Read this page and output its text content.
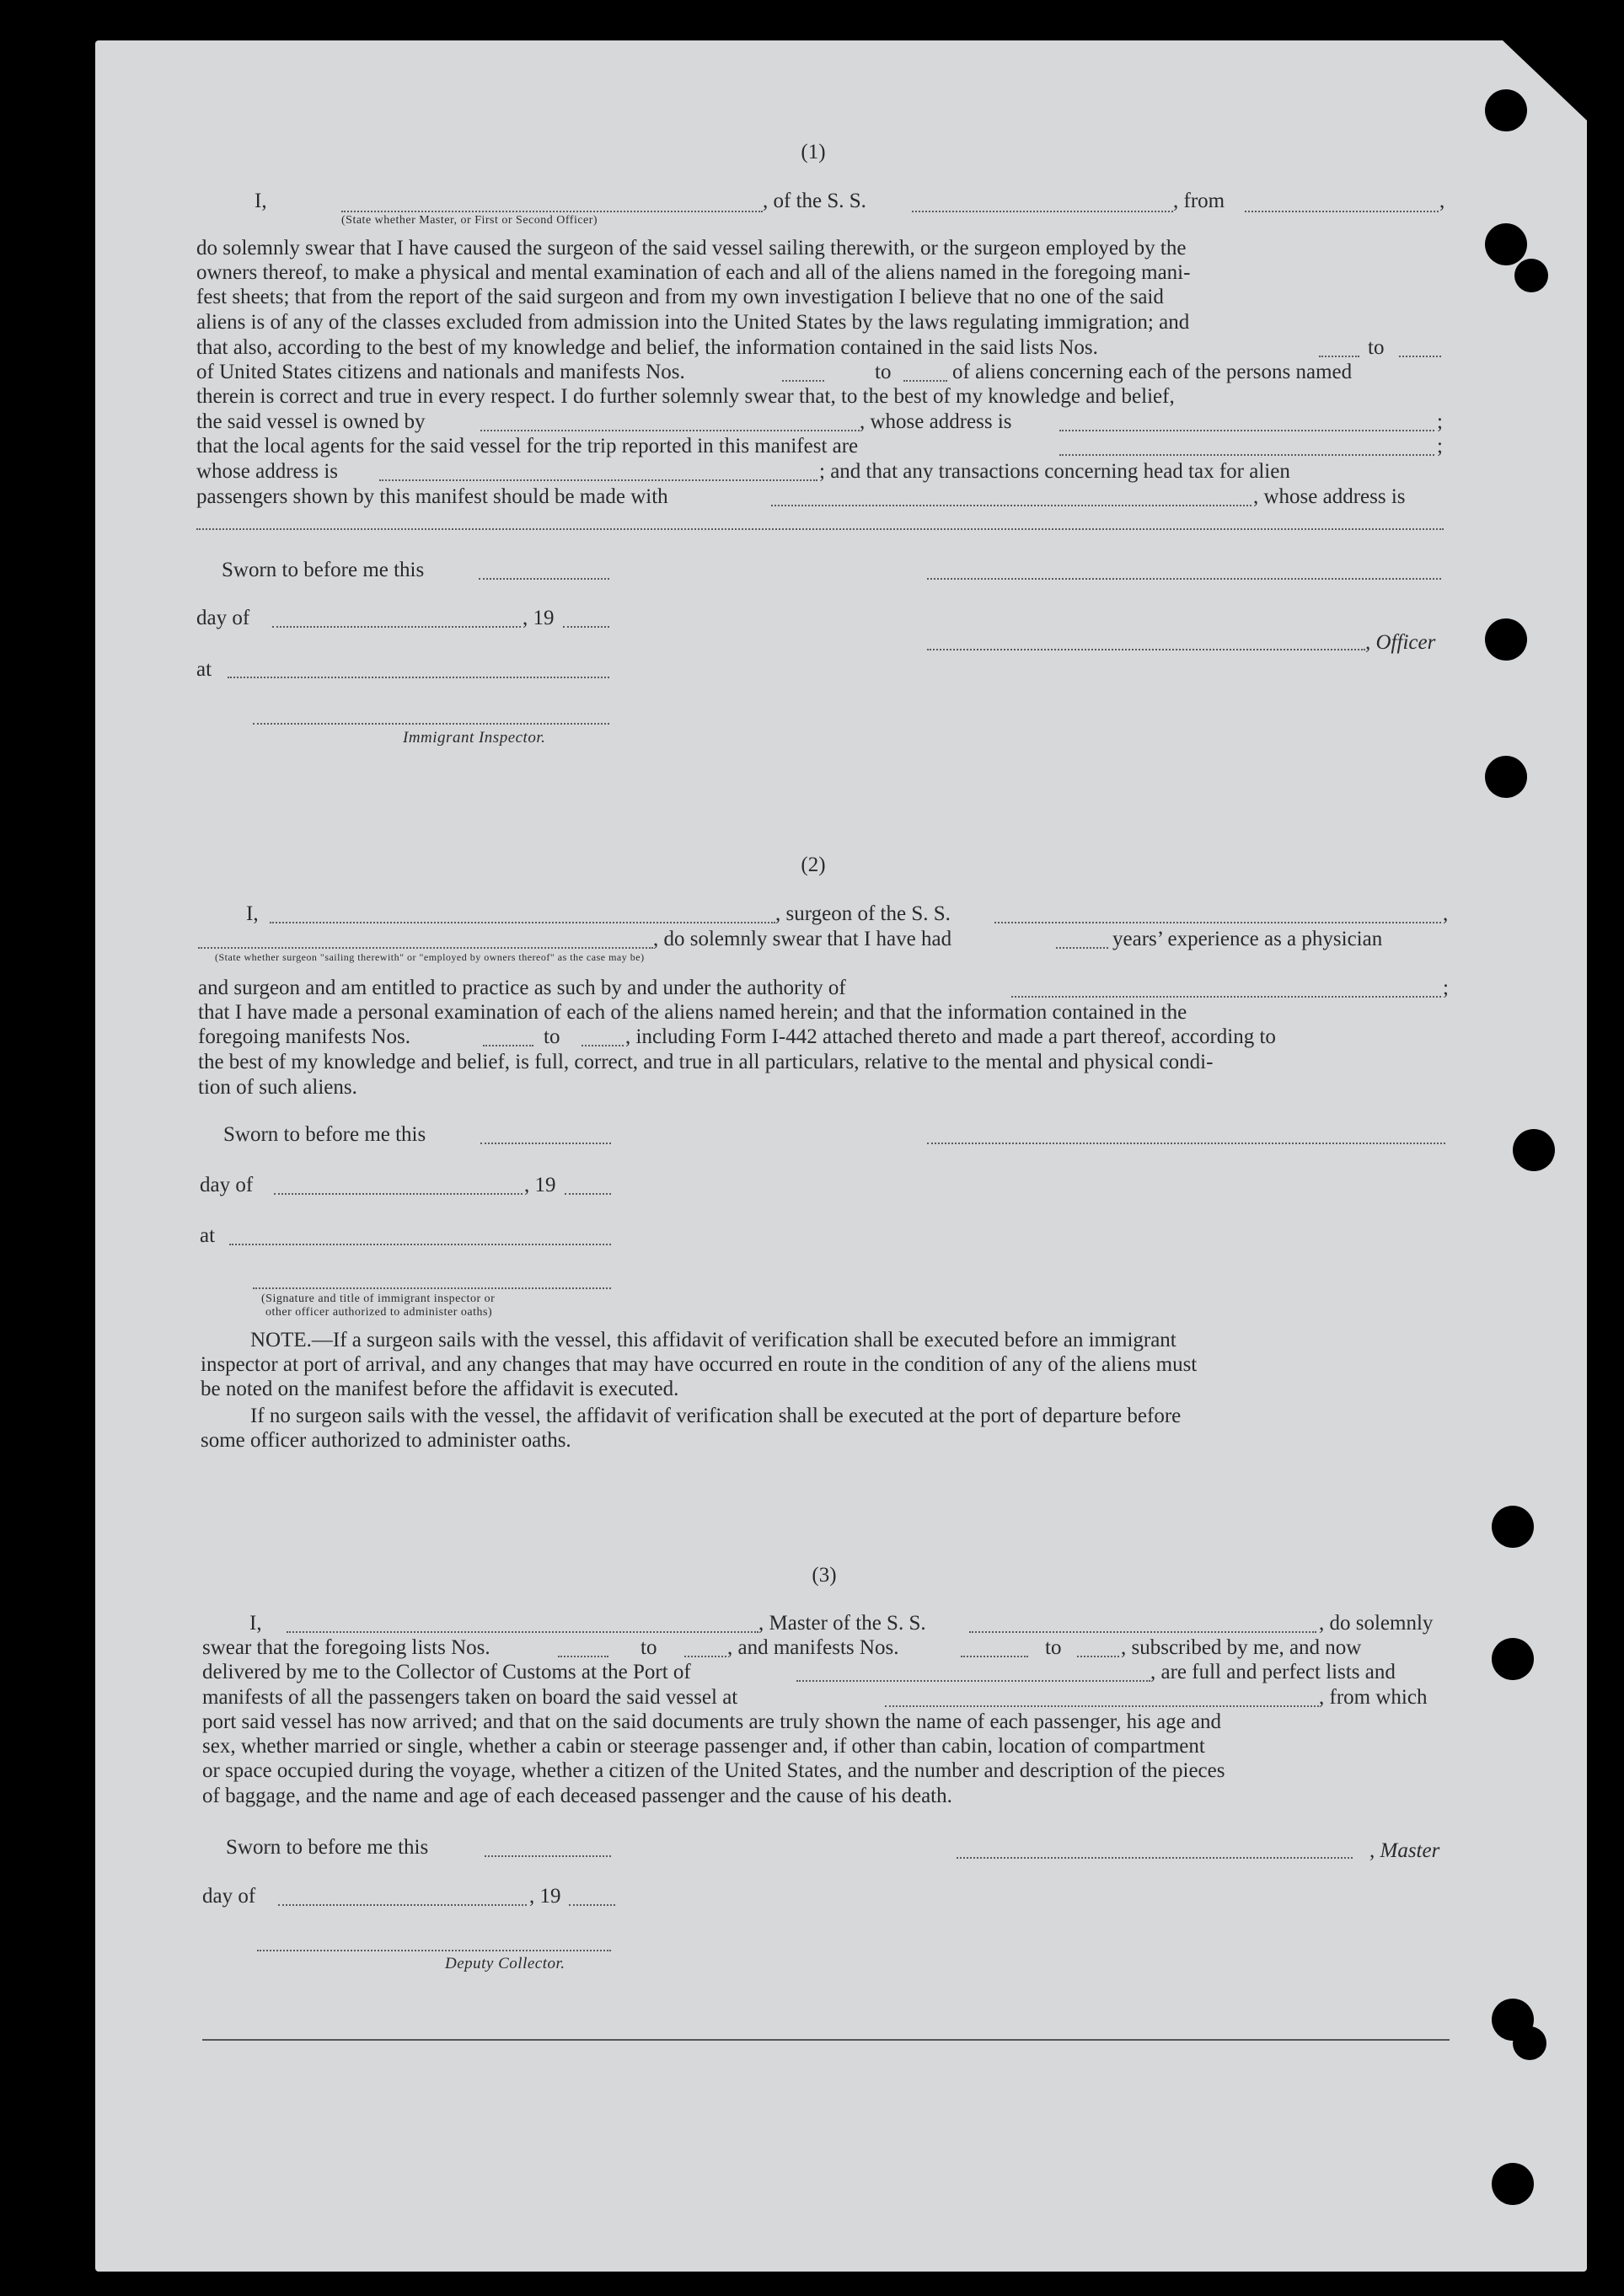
(1)
I,	, of the S. S.	, from	,
(State whether Master, or First or Second Officer)
do solemnly swear that I have caused the surgeon of the said vessel sailing therewith, or the surgeon employed by the
owners thereof, to make a physical and mental examination of each and all of the aliens named in the foregoing mani-
fest sheets; that from the report of the said surgeon and from my own investigation I believe that no one of the said
aliens is of any of the classes excluded from admission into the United States by the laws regulating immigration; and
that also, according to the best of my knowledge and belief, the information contained in the said lists Nos.	to
of United States citizens and nationals and manifests Nos.	to	of aliens concerning each of the persons named
therein is correct and true in every respect. I do further solemnly swear that, to the best of my knowledge and belief,
the said vessel is owned by	, whose address is	;
that the local agents for the said vessel for the trip reported in this manifest are	;
whose address is	; and that any transactions concerning head tax for alien
passengers shown by this manifest should be made with	, whose address is
Sworn to before me this
day of	, 19
, Officer
at
Immigrant Inspector.
(2)
I,	, surgeon of the S. S.	,
, do solemnly swear that I have had	years’ experience as a physician
(State whether surgeon "sailing therewith" or "employed by owners thereof" as the case may be)
and surgeon and am entitled to practice as such by and under the authority of	;
that I have made a personal examination of each of the aliens named herein; and that the information contained in the
foregoing manifests Nos.	to	, including Form I-442 attached thereto and made a part thereof, according to
the best of my knowledge and belief, is full, correct, and true in all particulars, relative to the mental and physical condi-
tion of such aliens.
Sworn to before me this
day of	, 19
at
(Signature and title of immigrant inspector or
other officer authorized to administer oaths)
NOTE.—If a surgeon sails with the vessel, this affidavit of verification shall be executed before an immigrant
inspector at port of arrival, and any changes that may have occurred en route in the condition of any of the aliens must
be noted on the manifest before the affidavit is executed.
If no surgeon sails with the vessel, the affidavit of verification shall be executed at the port of departure before
some officer authorized to administer oaths.
(3)
I,	, Master of the S. S.	, do solemnly
swear that the foregoing lists Nos.	to	, and manifests Nos.	to	, subscribed by me, and now
delivered by me to the Collector of Customs at the Port of	, are full and perfect lists and
manifests of all the passengers taken on board the said vessel at	, from which
port said vessel has now arrived; and that on the said documents are truly shown the name of each passenger, his age and
sex, whether married or single, whether a cabin or steerage passenger and, if other than cabin, location of compartment
or space occupied during the voyage, whether a citizen of the United States, and the number and description of the pieces
of baggage, and the name and age of each deceased passenger and the cause of his death.
Sworn to before me this	, Master
day of	, 19
Deputy Collector.
